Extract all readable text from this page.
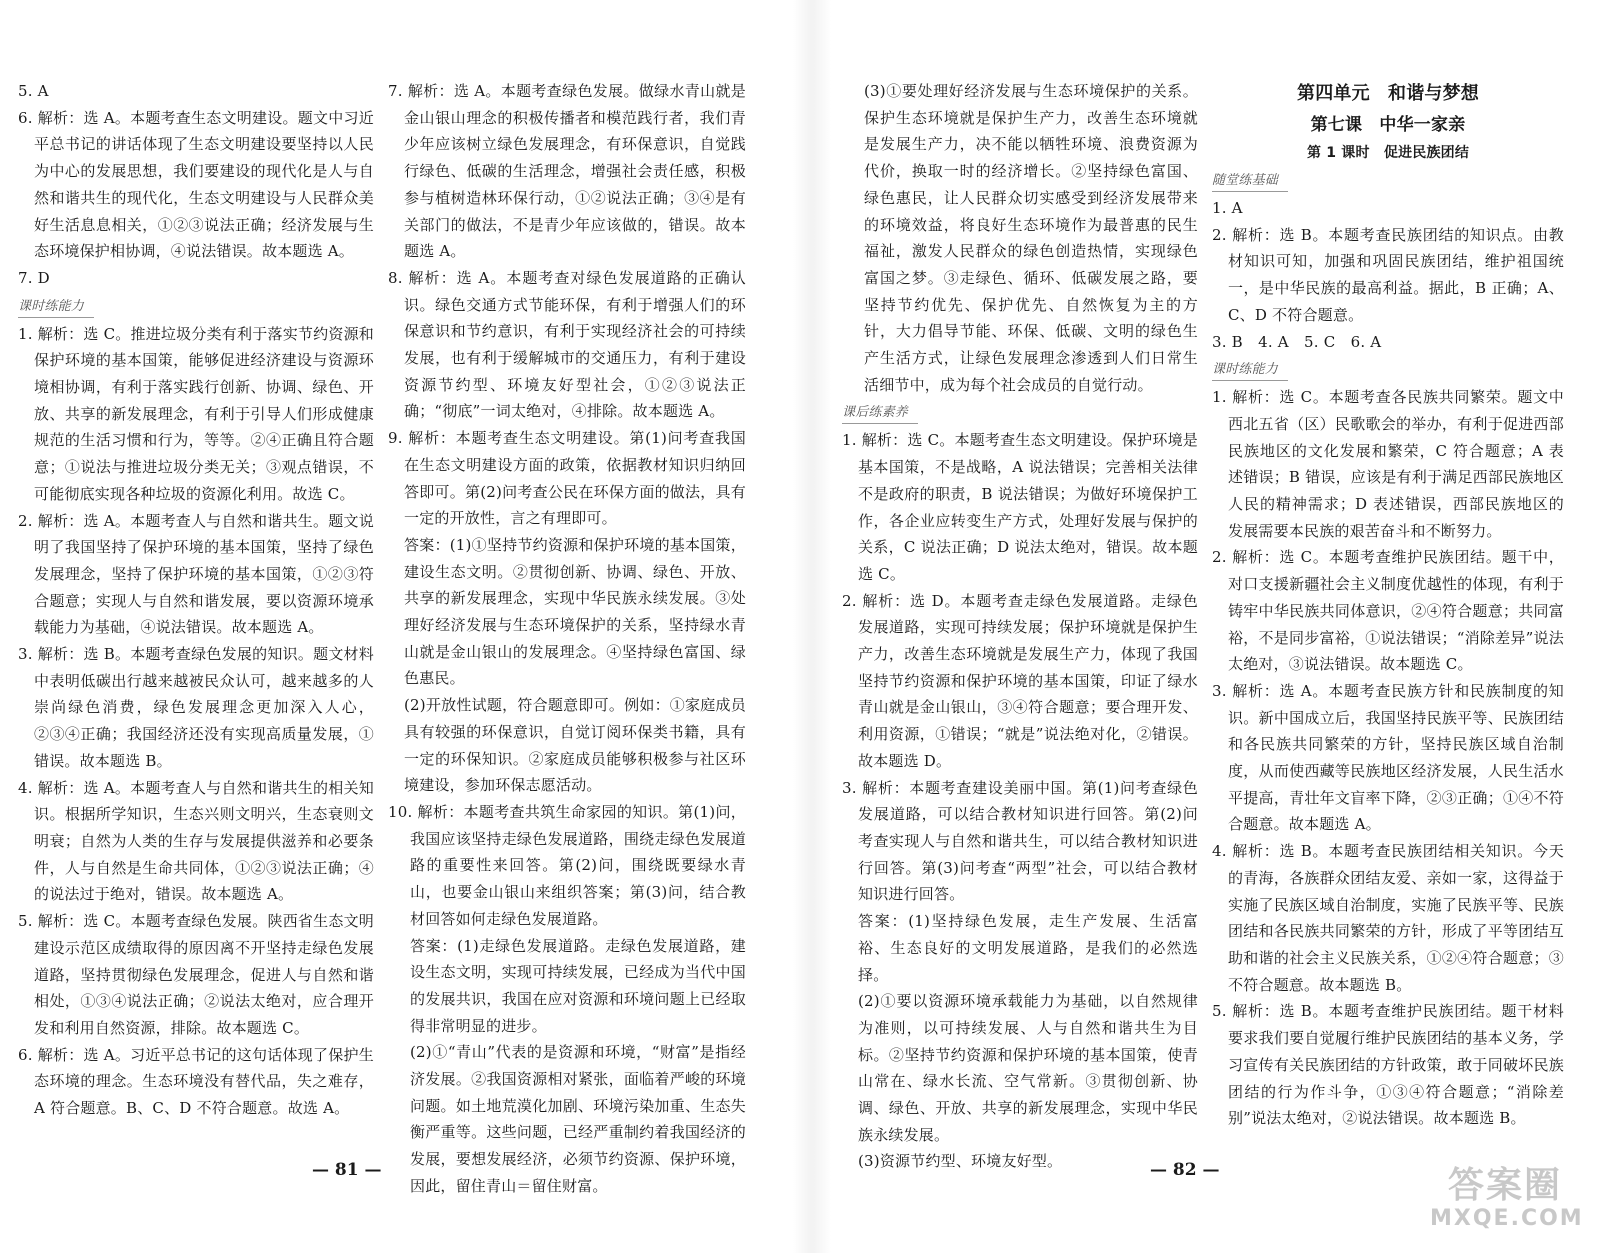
5. A

6. 解析：选 A。本题考查生态文明建设。题文中习近平总书记的讲话体现了生态文明建设要坚持以人民为中心的发展思想，我们要建设的现代化是人与自然和谐共生的现代化，生态文明建设与人民群众美好生活息息相关，①②③说法正确；经济发展与生态环境保护相协调，④说法错误。故本题选 A。

7. D

课时练能力

1. 解析：选 C。推进垃圾分类有利于落实节约资源和保护环境的基本国策，能够促进经济建设与资源环境相协调，有利于落实践行创新、协调、绿色、开放、共享的新发展理念，有利于引导人们形成健康规范的生活习惯和行为，等等。②④正确且符合题意；①说法与推进垃圾分类无关；③观点错误，不可能彻底实现各种垃圾的资源化利用。故选 C。

2. 解析：选 A。本题考查人与自然和谐共生。题文说明了我国坚持了保护环境的基本国策，坚持了绿色发展理念，坚持了保护环境的基本国策，①②③符合题意；实现人与自然和谐发展，要以资源环境承载能力为基础，④说法错误。故本题选 A。

3. 解析：选 B。本题考查绿色发展的知识。题文材料中表明低碳出行越来越被民众认可，越来越多的人崇尚绿色消费，绿色发展理念更加深入人心，②③④正确；我国经济还没有实现高质量发展，①错误。故本题选 B。

4. 解析：选 A。本题考查人与自然和谐共生的相关知识。根据所学知识，生态兴则文明兴，生态衰则文明衰；自然为人类的生存与发展提供滋养和必要条件，人与自然是生命共同体，①②③说法正确；④的说法过于绝对，错误。故本题选 A。

5. 解析：选 C。本题考查绿色发展。陕西省生态文明建设示范区成绩取得的原因离不开坚持走绿色发展道路，坚持贯彻绿色发展理念，促进人与自然和谐相处，①③④说法正确；②说法太绝对，应合理开发和利用自然资源，排除。故本题选 C。

6. 解析：选 A。习近平总书记的这句话体现了保护生态环境的理念。生态环境没有替代品，失之难存，A 符合题意。B、C、D 不符合题意。故选 A。

7. 解析：选 A。本题考查绿色发展。做绿水青山就是金山银山理念的积极传播者和模范践行者，我们青少年应该树立绿色发展理念，有环保意识，自觉践行绿色、低碳的生活理念，增强社会责任感，积极参与植树造林环保行动，①②说法正确；③④是有关部门的做法，不是青少年应该做的，错误。故本题选 A。

8. 解析：选 A。本题考查对绿色发展道路的正确认识。绿色交通方式节能环保，有利于增强人们的环保意识和节约意识，有利于实现经济社会的可持续发展，也有利于缓解城市的交通压力，有利于建设资源节约型、环境友好型社会，①②③说法正确；“彻底”一词太绝对，④排除。故本题选 A。

9. 解析：本题考查生态文明建设。第(1)问考查我国在生态文明建设方面的政策，依据教材知识归纳回答即可。第(2)问考查公民在环保方面的做法，具有一定的开放性，言之有理即可。

答案：(1)①坚持节约资源和保护环境的基本国策，建设生态文明。②贯彻创新、协调、绿色、开放、共享的新发展理念，实现中华民族永续发展。③处理好经济发展与生态环境保护的关系，坚持绿水青山就是金山银山的发展理念。④坚持绿色富国、绿色惠民。

(2)开放性试题，符合题意即可。例如：①家庭成员具有较强的环保意识，自觉订阅环保类书籍，具有一定的环保知识。②家庭成员能够积极参与社区环境建设，参加环保志愿活动。

10. 解析：本题考查共筑生命家园的知识。第(1)问，我国应该坚持走绿色发展道路，围绕走绿色发展道路的重要性来回答。第(2)问，围绕既要绿水青山，也要金山银山来组织答案；第(3)问，结合教材回答如何走绿色发展道路。

答案：(1)走绿色发展道路。走绿色发展道路，建设生态文明，实现可持续发展，已经成为当代中国的发展共识，我国在应对资源和环境问题上已经取得非常明显的进步。

(2)①“青山”代表的是资源和环境，“财富”是指经济发展。②我国资源相对紧张，面临着严峻的环境问题。如土地荒漠化加剧、环境污染加重、生态失衡严重等。这些问题，已经严重制约着我国经济的发展，要想发展经济，必须节约资源、保护环境，因此，留住青山＝留住财富。

— 81 —

(3)①要处理好经济发展与生态环境保护的关系。保护生态环境就是保护生产力，改善生态环境就是发展生产力，决不能以牺牲环境、浪费资源为代价，换取一时的经济增长。②坚持绿色富国、绿色惠民，让人民群众切实感受到经济发展带来的环境效益，将良好生态环境作为最普惠的民生福祉，激发人民群众的绿色创造热情，实现绿色富国之梦。③走绿色、循环、低碳发展之路，要坚持节约优先、保护优先、自然恢复为主的方针，大力倡导节能、环保、低碳、文明的绿色生产生活方式，让绿色发展理念渗透到人们日常生活细节中，成为每个社会成员的自觉行动。

课后练素养

1. 解析：选 C。本题考查生态文明建设。保护环境是基本国策，不是战略，A 说法错误；完善相关法律不是政府的职责，B 说法错误；为做好环境保护工作，各企业应转变生产方式，处理好发展与保护的关系，C 说法正确；D 说法太绝对，错误。故本题选 C。

2. 解析：选 D。本题考查走绿色发展道路。走绿色发展道路，实现可持续发展；保护环境就是保护生产力，改善生态环境就是发展生产力，体现了我国坚持节约资源和保护环境的基本国策，印证了绿水青山就是金山银山，③④符合题意；要合理开发、利用资源，①错误；“就是”说法绝对化，②错误。故本题选 D。

3. 解析：本题考查建设美丽中国。第(1)问考查绿色发展道路，可以结合教材知识进行回答。第(2)问考查实现人与自然和谐共生，可以结合教材知识进行回答。第(3)问考查“两型”社会，可以结合教材知识进行回答。

答案：(1)坚持绿色发展，走生产发展、生活富裕、生态良好的文明发展道路，是我们的必然选择。

(2)①要以资源环境承载能力为基础，以自然规律为准则，以可持续发展、人与自然和谐共生为目标。②坚持节约资源和保护环境的基本国策，使青山常在、绿水长流、空气常新。③贯彻创新、协调、绿色、开放、共享的新发展理念，实现中华民族永续发展。

(3)资源节约型、环境友好型。

第四单元　和谐与梦想
第七课　中华一家亲
第 1 课时　促进民族团结
随堂练基础

1. A

2. 解析：选 B。本题考查民族团结的知识点。由教材知识可知，加强和巩固民族团结，维护祖国统一，是中华民族的最高利益。据此，B 正确；A、C、D 不符合题意。

3. B　4. A　5. C　6. A

课时练能力

1. 解析：选 C。本题考查各民族共同繁荣。题文中西北五省（区）民歌歌会的举办，有利于促进西部民族地区的文化发展和繁荣，C 符合题意；A 表述错误；B 错误，应该是有利于满足西部民族地区人民的精神需求；D 表述错误，西部民族地区的发展需要本民族的艰苦奋斗和不断努力。

2. 解析：选 C。本题考查维护民族团结。题干中，对口支援新疆社会主义制度优越性的体现，有利于铸牢中华民族共同体意识，②④符合题意；共同富裕，不是同步富裕，①说法错误；“消除差异”说法太绝对，③说法错误。故本题选 C。

3. 解析：选 A。本题考查民族方针和民族制度的知识。新中国成立后，我国坚持民族平等、民族团结和各民族共同繁荣的方针，坚持民族区域自治制度，从而使西藏等民族地区经济发展，人民生活水平提高，青壮年文盲率下降，②③正确；①④不符合题意。故本题选 A。

4. 解析：选 B。本题考查民族团结相关知识。今天的青海，各族群众团结友爱、亲如一家，这得益于实施了民族区域自治制度，实施了民族平等、民族团结和各民族共同繁荣的方针，形成了平等团结互助和谐的社会主义民族关系，①②④符合题意；③不符合题意。故本题选 B。

5. 解析：选 B。本题考查维护民族团结。题干材料要求我们要自觉履行维护民族团结的基本义务，学习宣传有关民族团结的方针政策，敢于同破坏民族团结的行为作斗争，①③④符合题意；“消除差别”说法太绝对，②说法错误。故本题选 B。

— 82 —	答案圈
MXQE.COM
